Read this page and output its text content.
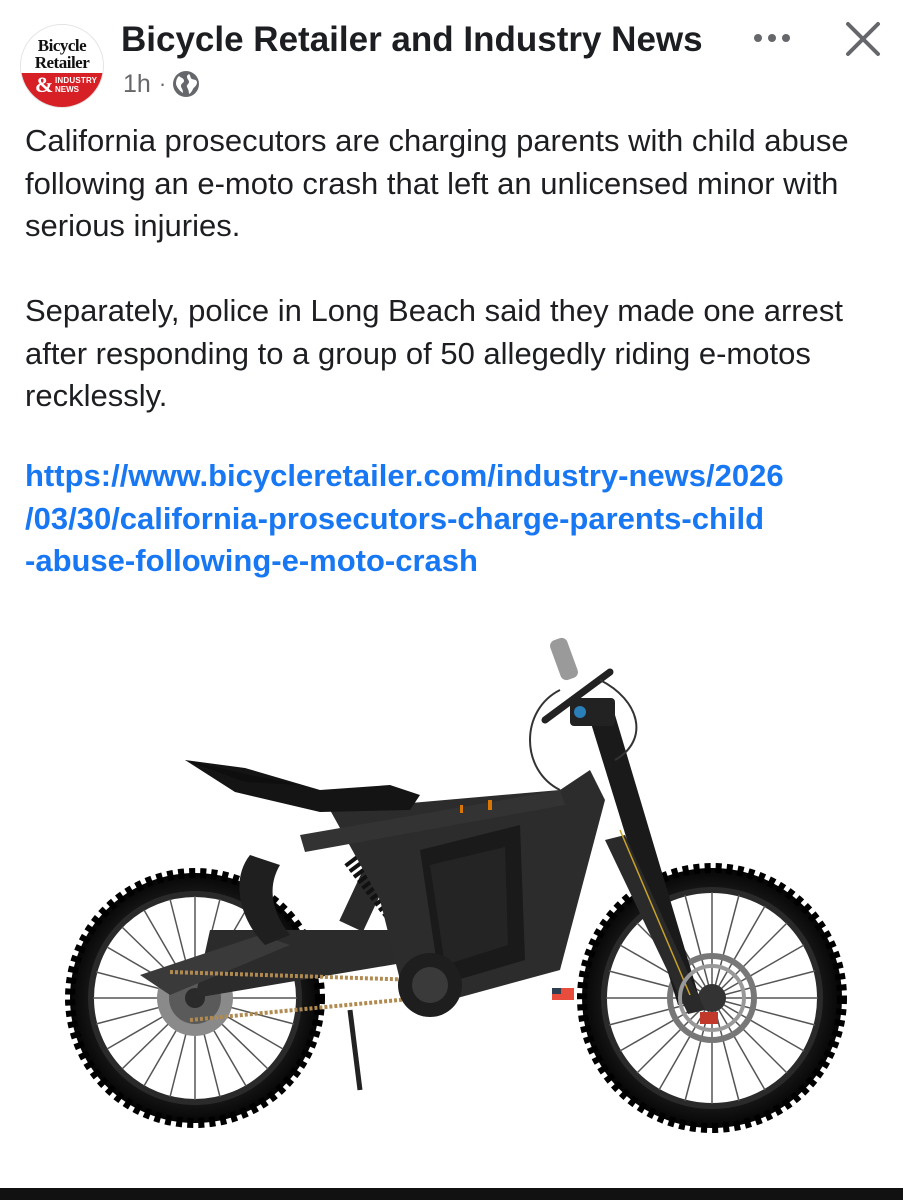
Bicycle
Retailer
& INDUSTRY
NEWS
Bicycle Retailer and Industry News
1h ·

California prosecutors are charging parents with child abuse following an e-moto crash that left an unlicensed minor with serious injuries.

Separately, police in Long Beach said they made one arrest after responding to a group of 50 allegedly riding e-motos recklessly.

https://www.bicycleretailer.com/industry-news/2026
/03/30/california-prosecutors-charge-parents-child
-abuse-following-e-moto-crash
